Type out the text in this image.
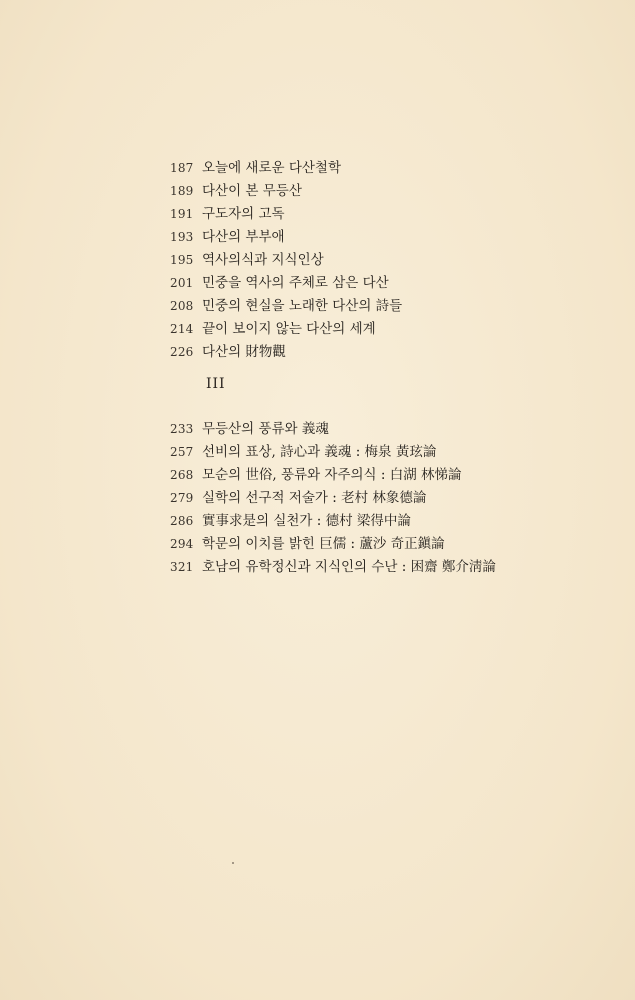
187 오늘에 새로운 다산철학
189 다산이 본 무등산
191 구도자의 고독
193 다산의 부부애
195 역사의식과 지식인상
201 민중을 역사의 주체로 삼은 다산
208 민중의 현실을 노래한 다산의 詩들
214 끝이 보이지 않는 다산의 세계
226 다산의 財物觀
III
233 무등산의 풍류와 義魂
257 선비의 표상, 詩心과 義魂 : 梅泉 黃玹論
268 모순의 世俗, 풍류와 자주의식 : 白湖 林悌論
279 실학의 선구적 저술가 : 老村 林象德論
286 實事求是의 실천가 : 德村 梁得中論
294 학문의 이치를 밝힌 巨儒 : 蘆沙 奇正鎭論
321 호남의 유학정신과 지식인의 수난 : 困齋 鄭介淸論
